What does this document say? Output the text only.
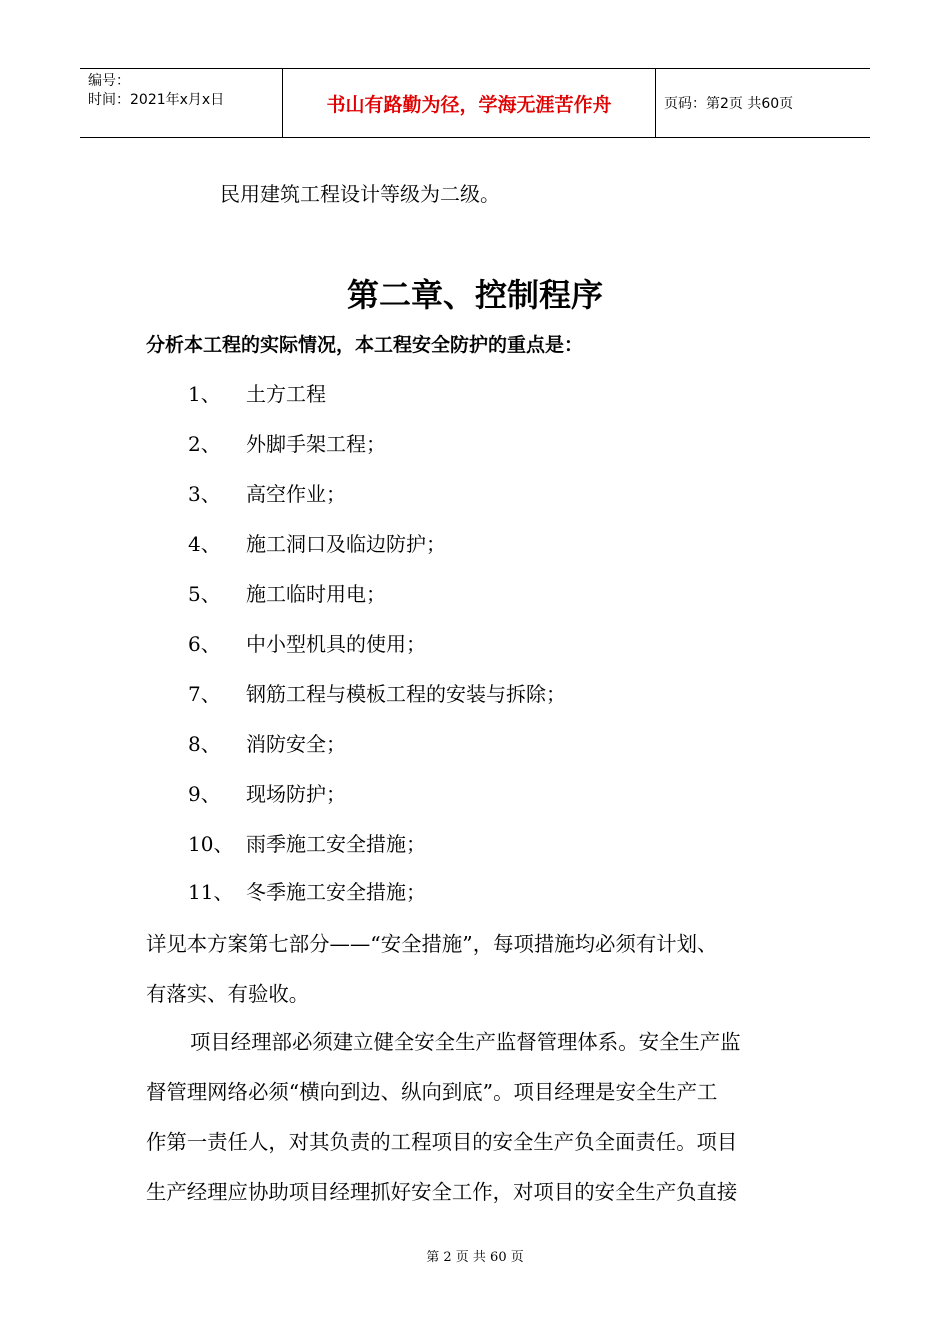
编号：
时间：2021年x月x日	书山有路勤为径，学海无涯苦作舟	页码：第2页 共60页
民用建筑工程设计等级为二级。
第二章、控制程序
分析本工程的实际情况，本工程安全防护的重点是：
1、 土方工程
2、 外脚手架工程；
3、 高空作业；
4、 施工洞口及临边防护；
5、 施工临时用电；
6、 中小型机具的使用；
7、 钢筋工程与模板工程的安装与拆除；
8、 消防安全；
9、 现场防护；
10、 雨季施工安全措施；
11、 冬季施工安全措施；
详见本方案第七部分——“安全措施”，每项措施均必须有计划、
有落实、有验收。
项目经理部必须建立健全安全生产监督管理体系。安全生产监
督管理网络必须“横向到边、纵向到底”。项目经理是安全生产工
作第一责任人，对其负责的工程项目的安全生产负全面责任。项目
生产经理应协助项目经理抓好安全工作，对项目的安全生产负直接
第 2 页 共 60 页
